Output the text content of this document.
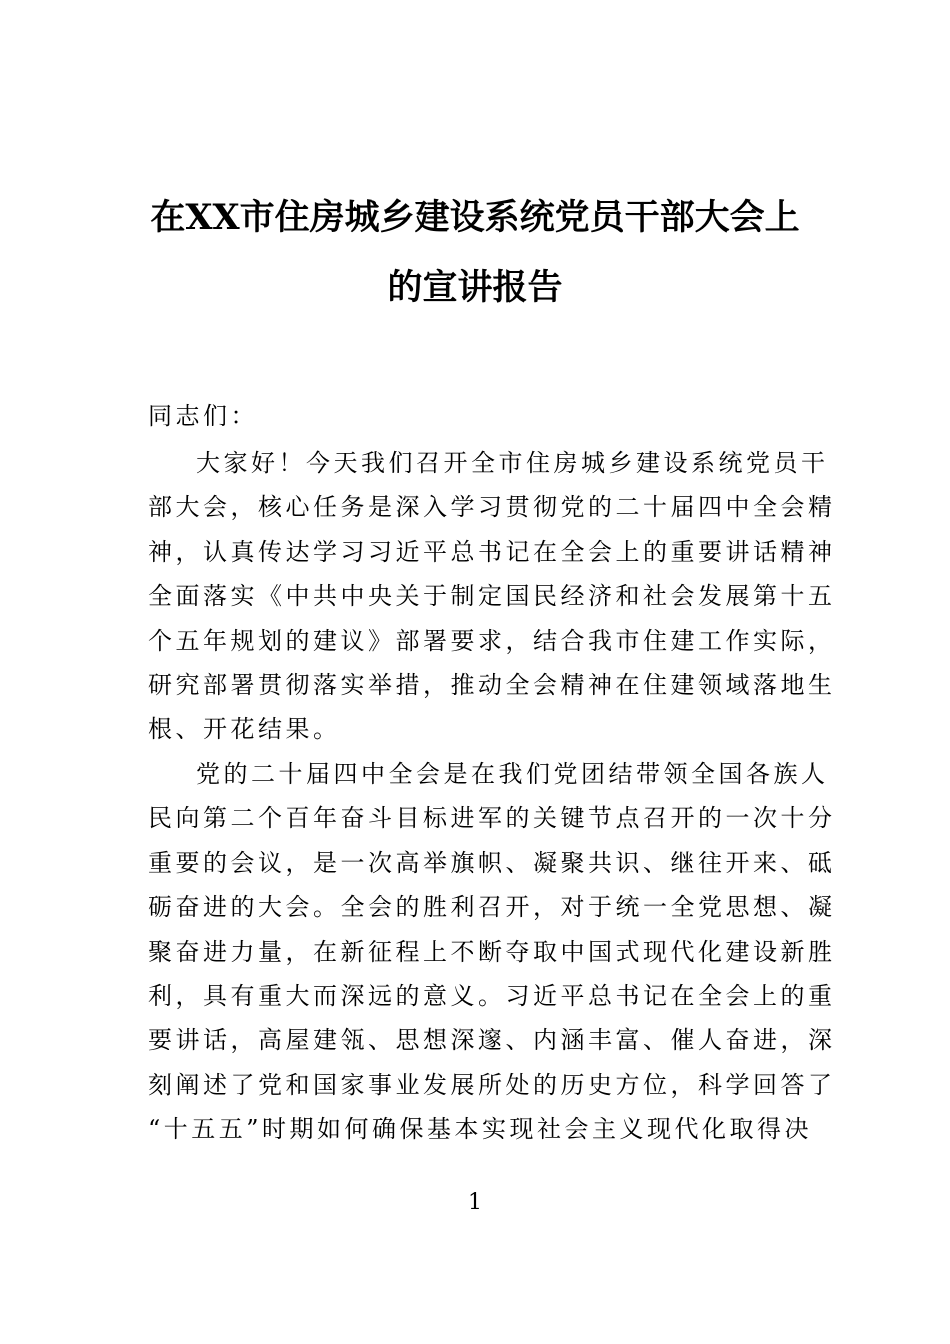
在XX市住房城乡建设系统党员干部大会上
的宣讲报告
同志们：
大家好！今天我们召开全市住房城乡建设系统党员干
部大会，核心任务是深入学习贯彻党的二十届四中全会精
神，认真传达学习习近平总书记在全会上的重要讲话精神
全面落实《中共中央关于制定国民经济和社会发展第十五
个五年规划的建议》部署要求，结合我市住建工作实际，
研究部署贯彻落实举措，推动全会精神在住建领域落地生
根、开花结果。
党的二十届四中全会是在我们党团结带领全国各族人
民向第二个百年奋斗目标进军的关键节点召开的一次十分
重要的会议，是一次高举旗帜、凝聚共识、继往开来、砥
砺奋进的大会。全会的胜利召开，对于统一全党思想、凝
聚奋进力量，在新征程上不断夺取中国式现代化建设新胜
利，具有重大而深远的意义。习近平总书记在全会上的重
要讲话，高屋建瓴、思想深邃、内涵丰富、催人奋进，深
刻阐述了党和国家事业发展所处的历史方位，科学回答了
“十五五”时期如何确保基本实现社会主义现代化取得决
1
